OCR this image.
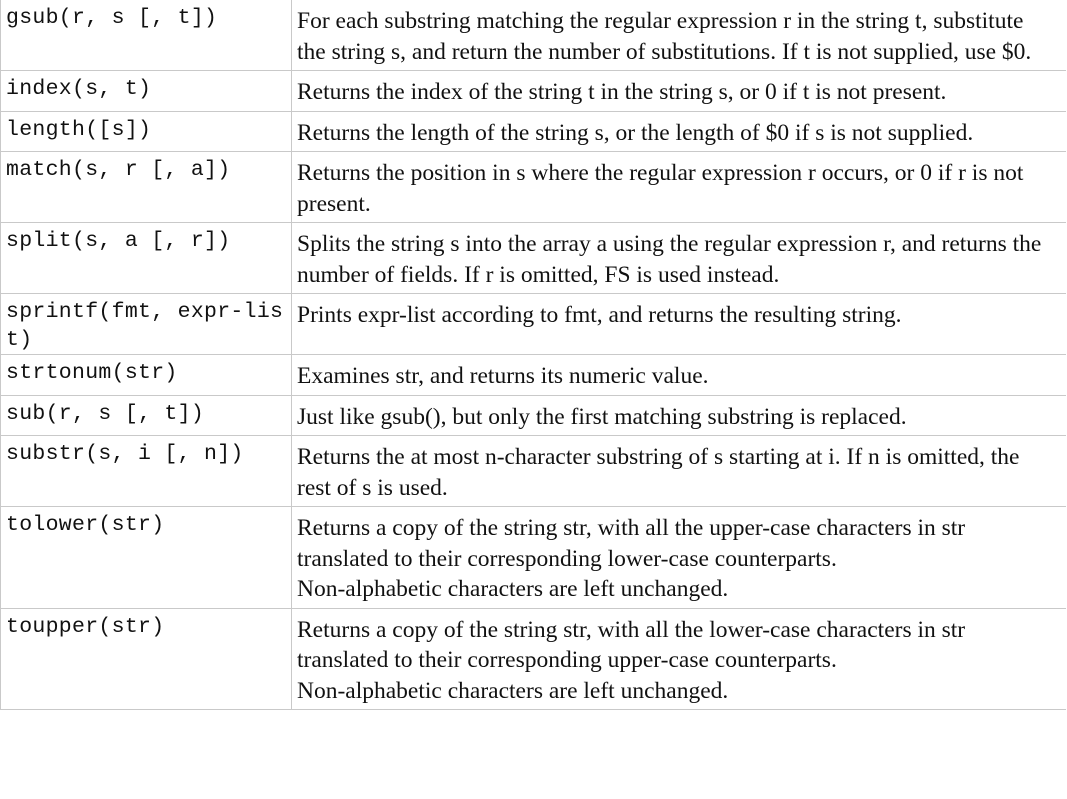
gsub(r, s [, t])	For each substring matching the regular expression r in the string t, substitute the string s, and return the number of substitutions. If t is not supplied, use $0.
index(s, t)	Returns the index of the string t in the string s, or 0 if t is not present.
length([s])	Returns the length of the string s, or the length of $0 if s is not supplied.
match(s, r [, a])	Returns the position in s where the regular expression r occurs, or 0 if r is not present.
split(s, a [, r])	Splits the string s into the array a using the regular expression r, and returns the number of fields. If r is omitted, FS is used instead.
sprintf(fmt, expr-list)	Prints expr-list according to fmt, and returns the resulting string.
strtonum(str)	Examines str, and returns its numeric value.
sub(r, s [, t])	Just like gsub(), but only the first matching substring is replaced.
substr(s, i [, n])	Returns the at most n-character substring of s starting at i. If n is omitted, the rest of s is used.
tolower(str)	Returns a copy of the string str, with all the upper-case characters in str translated to their corresponding lower-case counterparts.
Non-alphabetic characters are left unchanged.

toupper(str)	Returns a copy of the string str, with all the lower-case characters in str translated to their corresponding upper-case counterparts.
Non-alphabetic characters are left unchanged.
